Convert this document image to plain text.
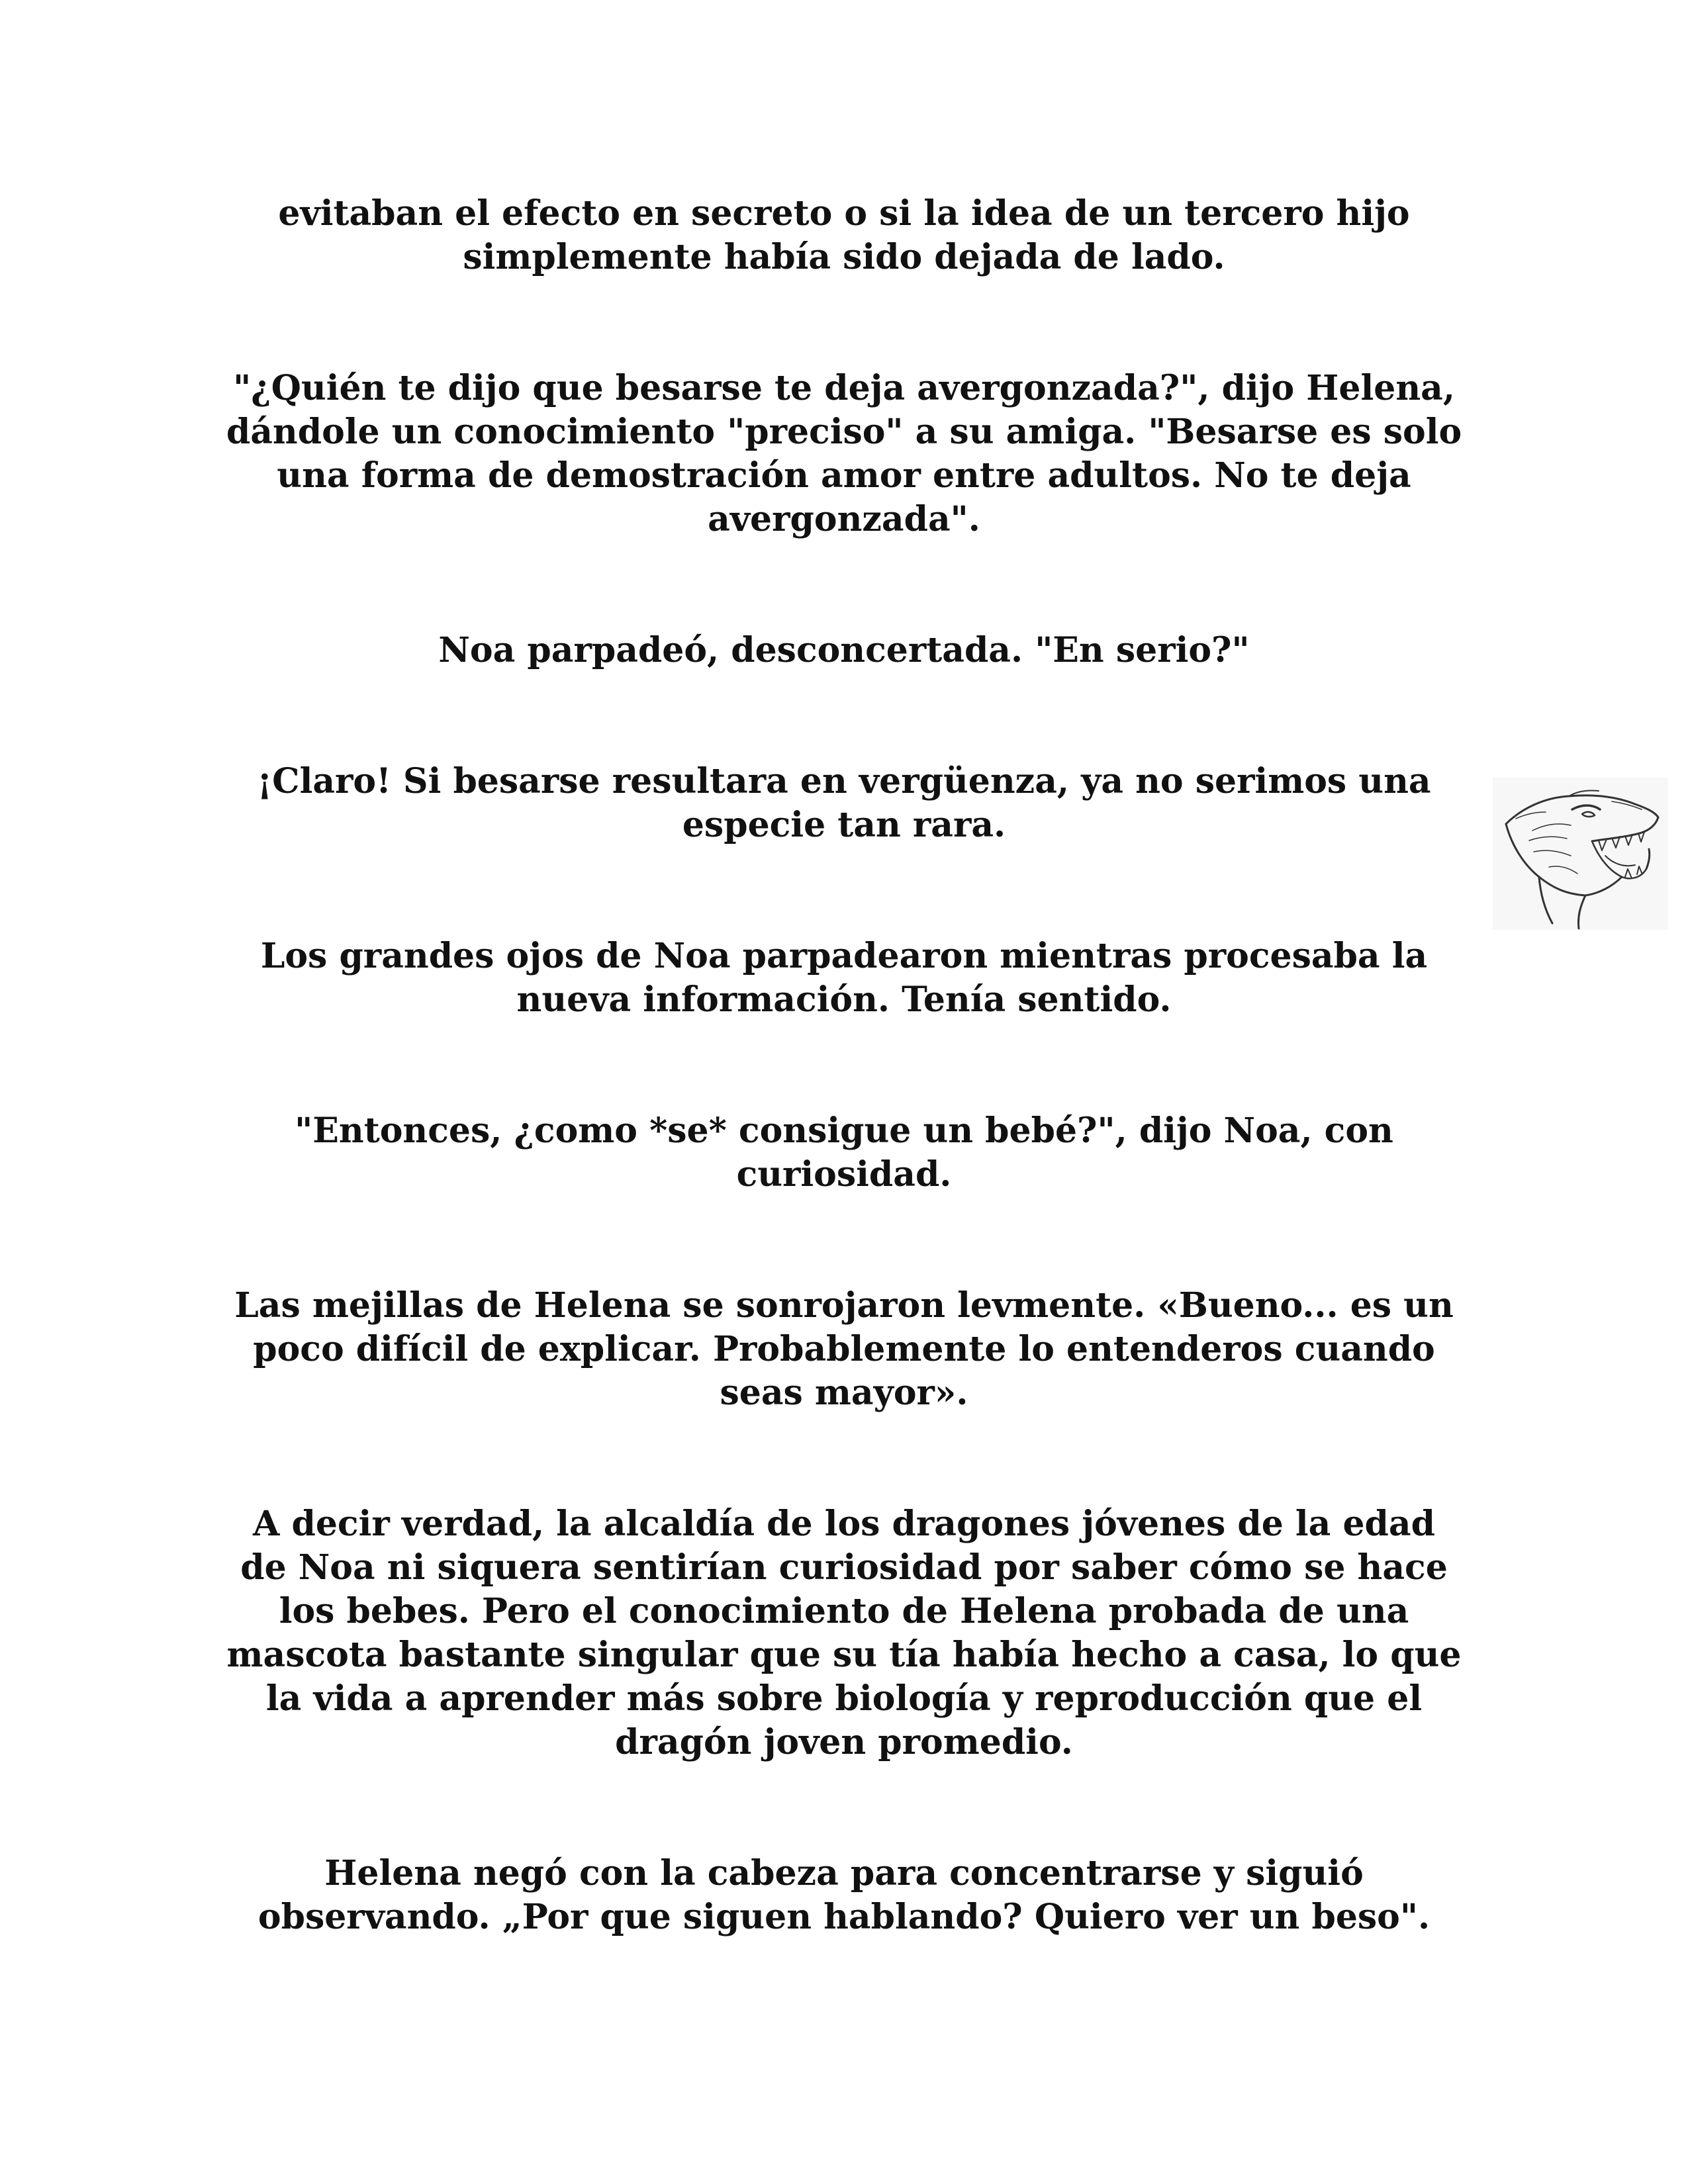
evitaban el efecto en secreto o si la idea de un tercero hijo simplemente había sido dejada de lado.

"¿Quién te dijo que besarse te deja avergonzada?", dijo Helena, dándole un conocimiento "preciso" a su amiga. "Besarse es solo una forma de demostración amor entre adultos. No te deja avergonzada".

Noa parpadeó, desconcertada. "En serio?"

¡Claro! Si besarse resultara en vergüenza, ya no serimos una especie tan rara.

Los grandes ojos de Noa parpadearon mientras procesaba la nueva información. Tenía sentido.

"Entonces, ¿como *se* consigue un bebé?", dijo Noa, con curiosidad.

Las mejillas de Helena se sonrojaron levmente. «Bueno... es un poco difícil de explicar. Probablemente lo entenderos cuando seas mayor».

A decir verdad, la alcaldía de los dragones jóvenes de la edad de Noa ni siquera sentirían curiosidad por saber cómo se hace los bebes. Pero el conocimiento de Helena probada de una mascota bastante singular que su tía había hecho a casa, lo que la vida a aprender más sobre biología y reproducción que el dragón joven promedio.

Helena negó con la cabeza para concentrarse y siguió observando. „Por que siguen hablando? Quiero ver un beso".
